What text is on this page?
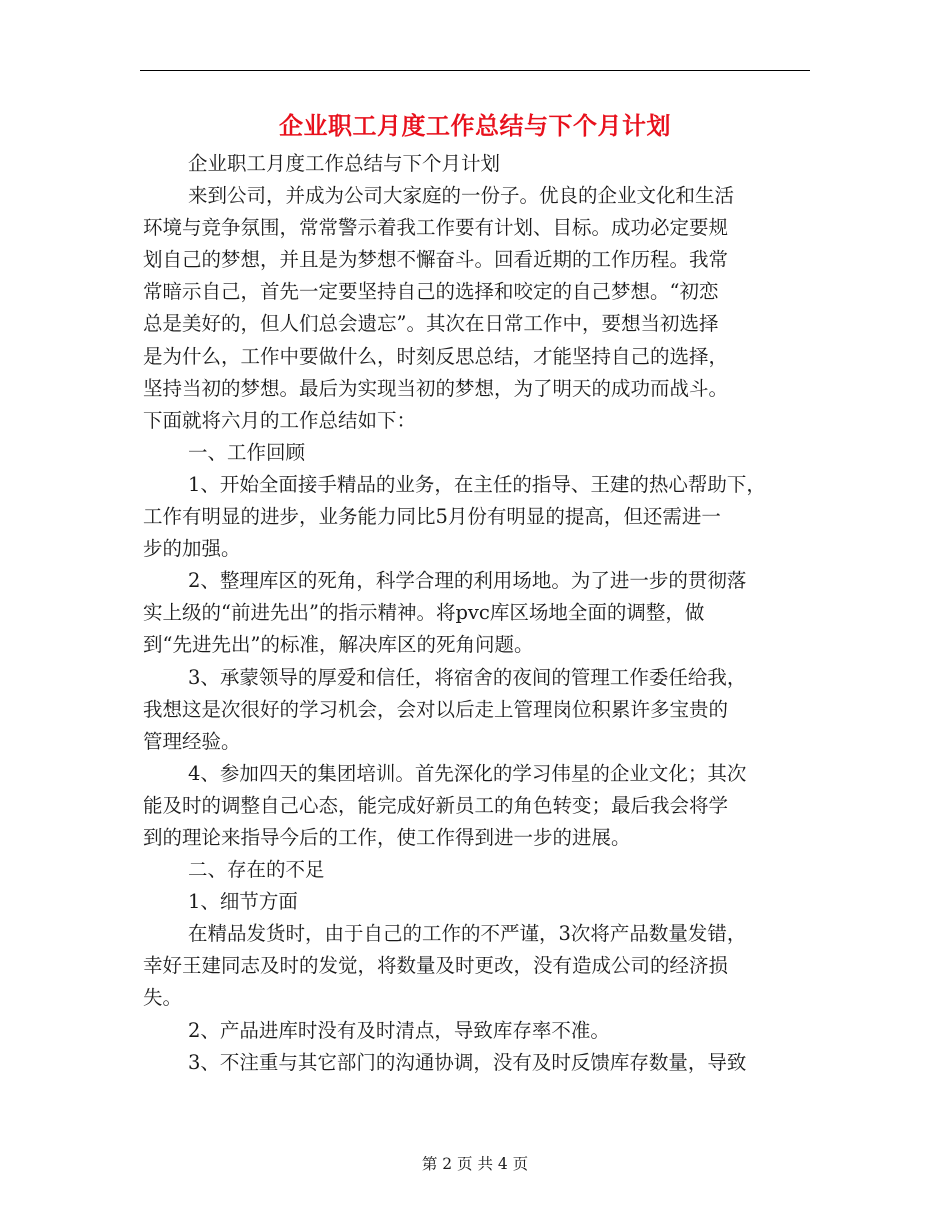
企业职工月度工作总结与下个月计划
企业职工月度工作总结与下个月计划
来到公司，并成为公司大家庭的一份子。优良的企业文化和生活
环境与竞争氛围，常常警示着我工作要有计划、目标。成功必定要规
划自己的梦想，并且是为梦想不懈奋斗。回看近期的工作历程。我常
常暗示自己，首先一定要坚持自己的选择和咬定的自己梦想。“初恋
总是美好的，但人们总会遗忘”。其次在日常工作中，要想当初选择
是为什么，工作中要做什么，时刻反思总结，才能坚持自己的选择，
坚持当初的梦想。最后为实现当初的梦想，为了明天的成功而战斗。
下面就将六月的工作总结如下：
一、工作回顾
1、开始全面接手精品的业务，在主任的指导、王建的热心帮助下，
工作有明显的进步，业务能力同比5月份有明显的提高，但还需进一
步的加强。
2、整理库区的死角，科学合理的利用场地。为了进一步的贯彻落
实上级的“前进先出”的指示精神。将pvc库区场地全面的调整，做
到“先进先出”的标准，解决库区的死角问题。
3、承蒙领导的厚爱和信任，将宿舍的夜间的管理工作委任给我，
我想这是次很好的学习机会，会对以后走上管理岗位积累许多宝贵的
管理经验。
4、参加四天的集团培训。首先深化的学习伟星的企业文化；其次
能及时的调整自己心态，能完成好新员工的角色转变；最后我会将学
到的理论来指导今后的工作，使工作得到进一步的进展。
二、存在的不足
1、细节方面
在精品发货时，由于自己的工作的不严谨，3次将产品数量发错，
幸好王建同志及时的发觉，将数量及时更改，没有造成公司的经济损
失。
2、产品进库时没有及时清点，导致库存率不准。
3、不注重与其它部门的沟通协调，没有及时反馈库存数量，导致
第 2 页 共 4 页
